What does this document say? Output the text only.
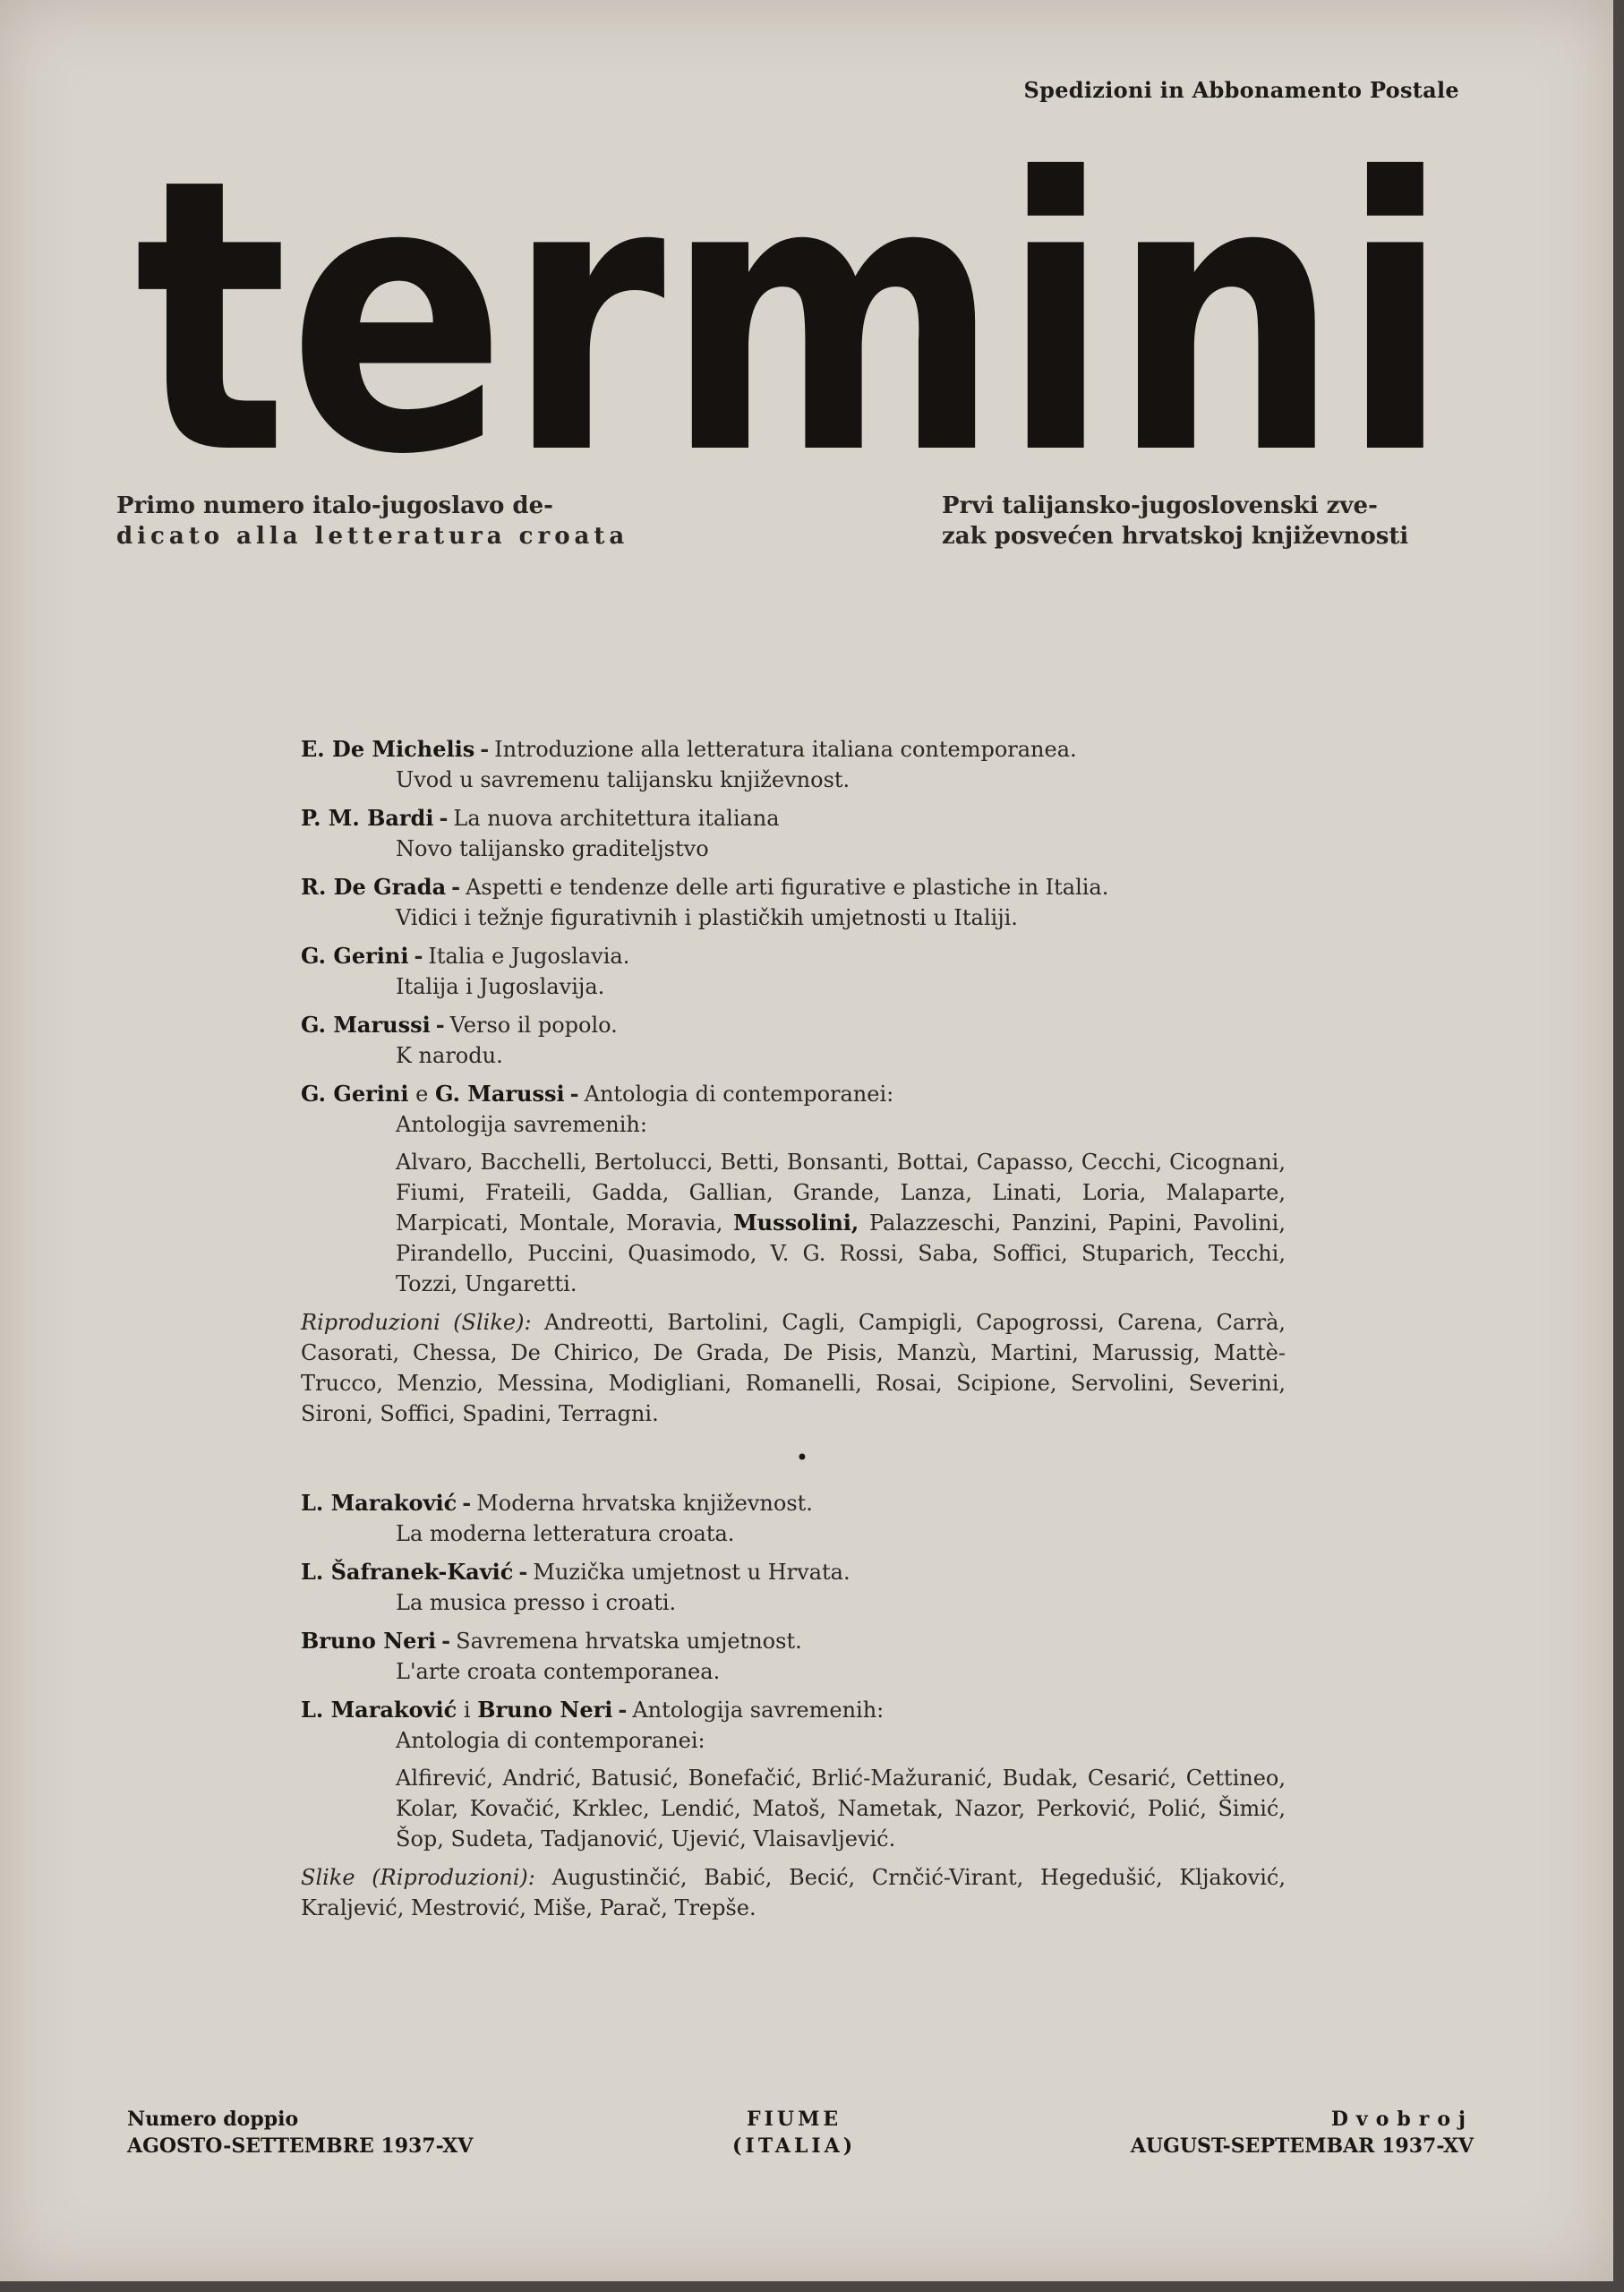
Spedizioni in Abbonamento Postale
termini
Primo numero italo-jugoslavo de-
dicato alla letteratura croata
Prvi talijansko-jugoslovenski zve-
zak posvećen hrvatskoj književnosti
E. De Michelis - Introduzione alla letteratura italiana contemporanea.
Uvod u savremenu talijansku književnost.
P. M. Bardi - La nuova architettura italiana
Novo talijansko graditeljstvo
R. De Grada - Aspetti e tendenze delle arti figurative e plastiche in Italia.
Vidici i težnje figurativnih i plastičkih umjetnosti u Italiji.
G. Gerini - Italia e Jugoslavia.
Italija i Jugoslavija.
G. Marussi - Verso il popolo.
K narodu.
G. Gerini e G. Marussi - Antologia di contemporanei:
Antologija savremenih:
Alvaro, Bacchelli, Bertolucci, Betti, Bonsanti, Bottai, Capasso, Cecchi, Cicognani, Fiumi, Frateili, Gadda, Gallian, Grande, Lanza, Linati, Loria, Malaparte, Marpicati, Montale, Moravia, Mussolini, Palazzeschi, Panzini, Papini, Pavolini, Pirandello, Puccini, Quasimodo, V. G. Rossi, Saba, Soffici, Stuparich, Tecchi, Tozzi, Ungaretti.
Riproduzioni (Slike): Andreotti, Bartolini, Cagli, Campigli, Capogrossi, Carena, Carrà, Casorati, Chessa, De Chirico, De Grada, De Pisis, Manzù, Martini, Marussig, Mattè-Trucco, Menzio, Messina, Modigliani, Romanelli, Rosai, Scipione, Servolini, Severini, Sironi, Soffici, Spadini, Terragni.
•
L. Maraković - Moderna hrvatska književnost.
La moderna letteratura croata.
L. Šafranek-Kavić - Muzička umjetnost u Hrvata.
La musica presso i croati.
Bruno Neri - Savremena hrvatska umjetnost.
L'arte croata contemporanea.
L. Maraković i Bruno Neri - Antologija savremenih:
Antologia di contemporanei:
Alfirević, Andrić, Batusić, Bonefačić, Brlić-Mažuranić, Budak, Cesarić, Cettineo, Kolar, Kovačić, Krklec, Lendić, Matoš, Nametak, Nazor, Perković, Polić, Šimić, Šop, Sudeta, Tadjanović, Ujević, Vlaisavljević.
Slike (Riproduzioni): Augustinčić, Babić, Becić, Crnčić-Virant, Hegedušić, Kljaković, Kraljević, Mestrović, Miše, Parač, Trepše.
Numero doppio
AGOSTO-SETTEMBRE 1937-XV
FIUME
(ITALIA)
Dvobroj
AUGUST-SEPTEMBAR 1937-XV
